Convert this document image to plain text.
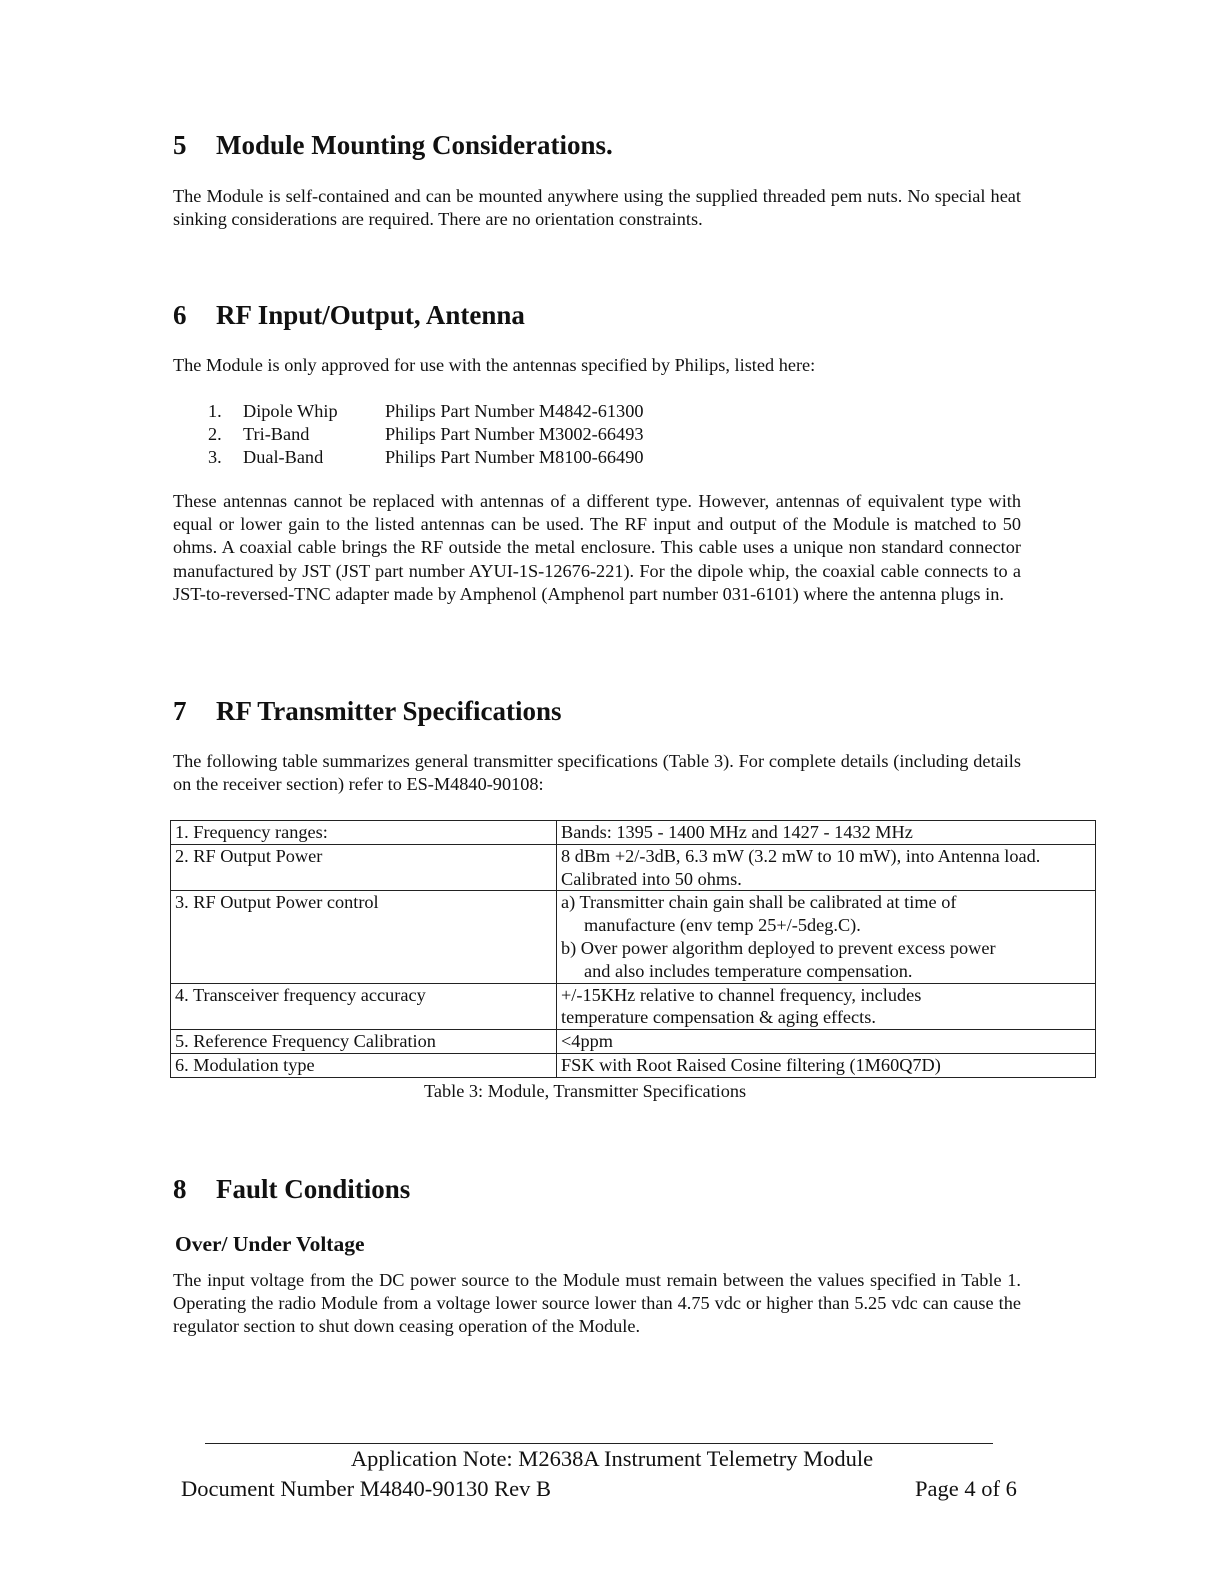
5 Module Mounting Considerations.

The Module is self-contained and can be mounted anywhere using the supplied threaded pem nuts. No special heat sinking considerations are required. There are no orientation constraints.

6 RF Input/Output, Antenna

The Module is only approved for use with the antennas specified by Philips, listed here:

1.	Dipole Whip	Philips Part Number M4842-61300
2.	Tri-Band	Philips Part Number M3002-66493
3.	Dual-Band	Philips Part Number M8100-66490

These antennas cannot be replaced with antennas of a different type. However, antennas of equivalent type with equal or lower gain to the listed antennas can be used. The RF input and output of the Module is matched to 50 ohms. A coaxial cable brings the RF outside the metal enclosure. This cable uses a unique non standard connector manufactured by JST (JST part number AYUI-1S-12676-221). For the dipole whip, the coaxial cable connects to a JST-to-reversed-TNC adapter made by Amphenol (Amphenol part number 031-6101) where the antenna plugs in.

7 RF Transmitter Specifications

The following table summarizes general transmitter specifications (Table 3). For complete details (including details on the receiver section) refer to ES-M4840-90108:

1. Frequency ranges:	Bands: 1395 - 1400 MHz and 1427 - 1432 MHz
2. RF Output Power	8 dBm +2/-3dB, 6.3 mW (3.2 mW to 10 mW), into Antenna load.
Calibrated into 50 ohms.

3. RF Output Power control	a) Transmitter chain gain shall be calibrated at time of
manufacture (env temp 25+/-5deg.C).
b) Over power algorithm deployed to prevent excess power
and also includes temperature compensation.

4. Transceiver frequency accuracy	+/-15KHz relative to channel frequency, includes
temperature compensation & aging effects.

5. Reference Frequency Calibration	<4ppm
6. Modulation type	FSK with Root Raised Cosine filtering (1M60Q7D)

Table 3: Module, Transmitter Specifications

8 Fault Conditions
Over/ Under Voltage

The input voltage from the DC power source to the Module must remain between the values specified in Table 1. Operating the radio Module from a voltage lower source lower than 4.75 vdc or higher than 5.25 vdc can cause the regulator section to shut down ceasing operation of the Module.

Application Note: M2638A Instrument Telemetry Module
Document Number M4840-90130 Rev B	Page 4 of 6
